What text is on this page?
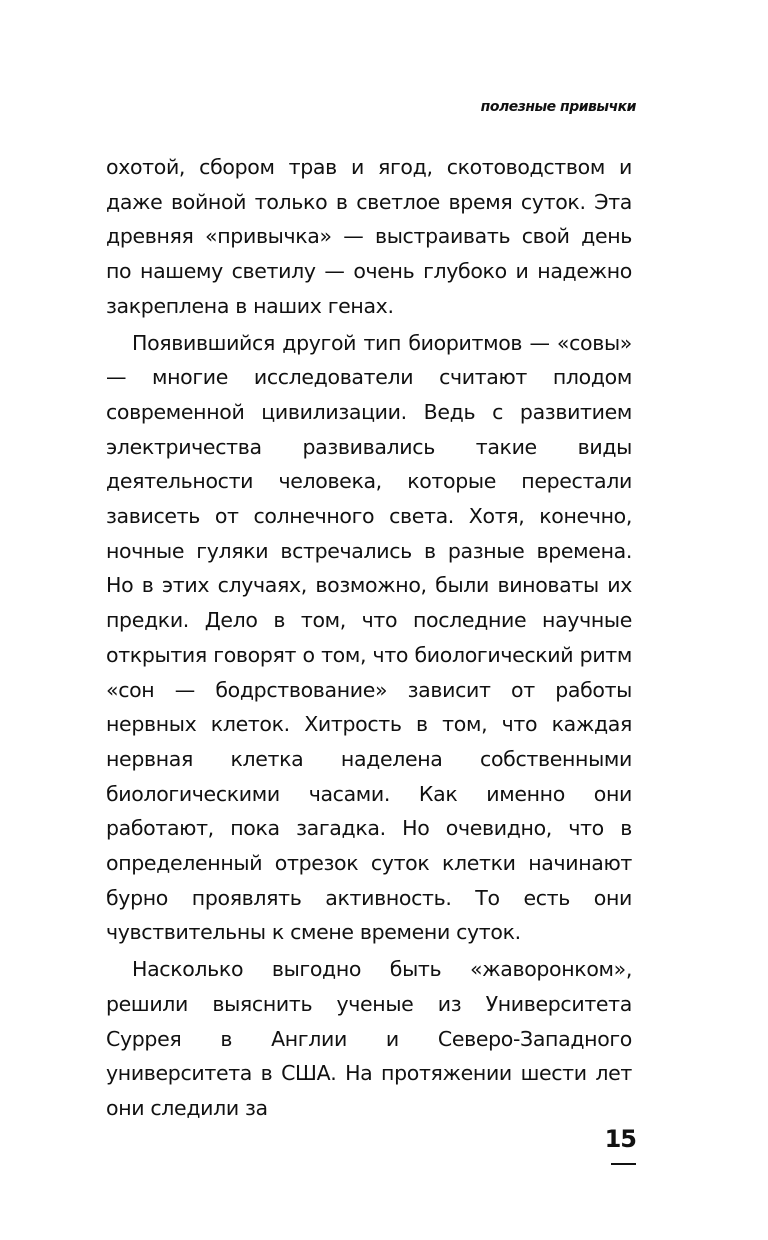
полезные привычки

охотой, сбором трав и ягод, скотоводством и даже войной только в светлое время суток. Эта древняя «привычка» — выстраивать свой день по нашему светилу — очень глубоко и надежно закреплена в наших генах.

Появившийся другой тип биоритмов — «совы» — многие исследователи считают плодом современной цивилизации. Ведь с развитием электричества развивались такие виды деятельности человека, которые перестали зависеть от солнечного света. Хотя, конечно, ночные гуляки встречались в разные времена. Но в этих случаях, возможно, были виноваты их предки. Дело в том, что последние научные открытия говорят о том, что биологический ритм «сон — бодрствование» зависит от работы нервных клеток. Хитрость в том, что каждая нервная клетка наделена собственными биологическими часами. Как именно они работают, пока загадка. Но очевидно, что в определенный отрезок суток клетки начинают бурно проявлять активность. То есть они чувствительны к смене времени суток.

Насколько выгодно быть «жаворонком», решили выяснить ученые из Университета Суррея в Англии и Северо-Западного университета в США. На протяжении шести лет они следили за

15
